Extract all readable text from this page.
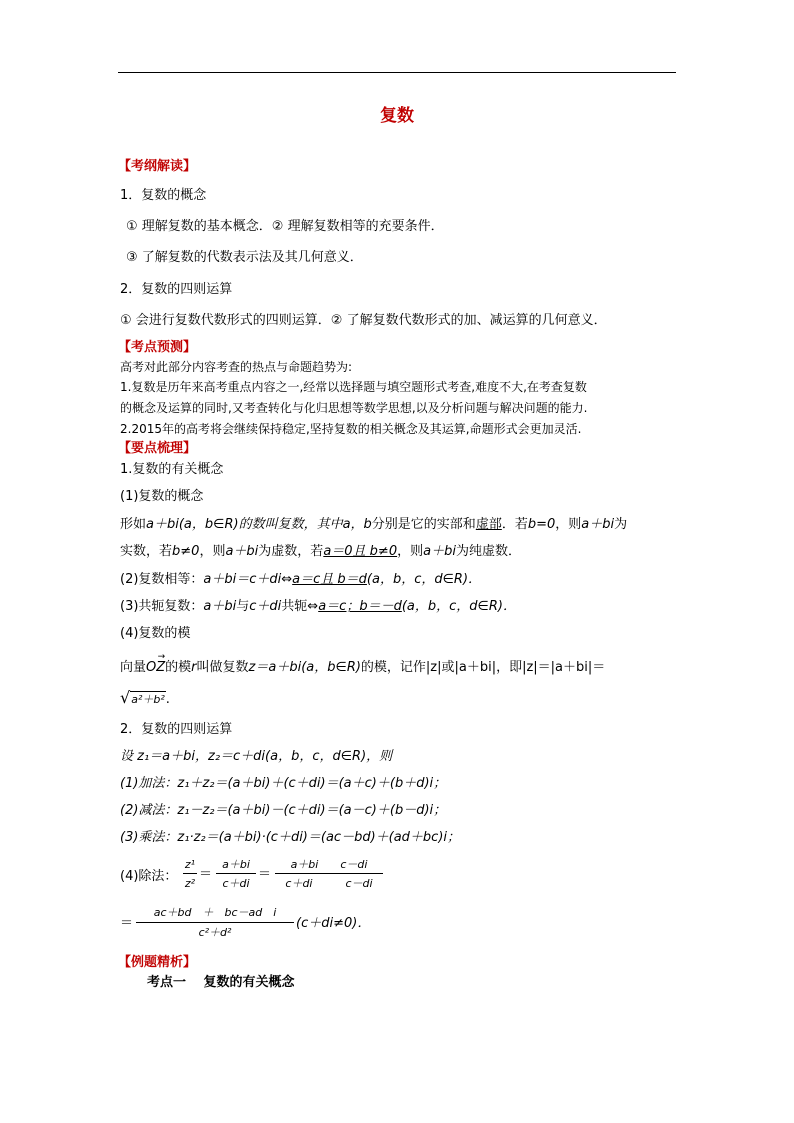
复数
【考纲解读】
1．复数的概念
① 理解复数的基本概念．② 理解复数相等的充要条件．
③ 了解复数的代数表示法及其几何意义．
2．复数的四则运算
① 会进行复数代数形式的四则运算．② 了解复数代数形式的加、减运算的几何意义．
【考点预测】
高考对此部分内容考查的热点与命题趋势为:
1.复数是历年来高考重点内容之一,经常以选择题与填空题形式考查,难度不大,在考查复数
的概念及运算的同时,又考查转化与化归思想等数学思想,以及分析问题与解决问题的能力.
2.2015年的高考将会继续保持稳定,坚持复数的相关概念及其运算,命题形式会更加灵活.
【要点梳理】
1.复数的有关概念
(1)复数的概念
形如a＋bi(a，b∈R)的数叫复数，其中a，b分别是它的实部和虚部．若b=0，则a＋bi为
实数，若b≠0，则a＋bi为虚数，若a＝0且 b≠0，则a＋bi为纯虚数．
(2)复数相等：a＋bi＝c＋di⇔a＝c且 b＝d(a，b，c，d∈R)．
(3)共轭复数：a＋bi与c＋di共轭⇔a＝c；b＝－d(a，b，c，d∈R)．
(4)复数的模
向量
→
OZ的模r叫做复数z＝a＋bi(a，b∈R)的模，记作|z|或|a＋bi|，即|z|＝|a＋bi|＝
√a²＋b².
2．复数的四则运算
设 z₁＝a＋bi，z₂＝c＋di(a，b，c，d∈R)，则
(1)加法：z₁＋z₂＝(a＋bi)＋(c＋di)＝(a＋c)＋(b＋d)i；
(2)减法：z₁－z₂＝(a＋bi)－(c＋di)＝(a－c)＋(b－d)i；
(3)乘法：z₁·z₂＝(a＋bi)·(c＋di)＝(ac－bd)＋(ad＋bc)i；
(4)除法：
z¹
z²
＝
a＋bi
c＋di
＝
a＋bi　　c－di
c＋di　　　c－di
＝
ac＋bd　＋　bc－ad　i
c²＋d²
(c＋di≠0)．
【例题精析】
考点一　 复数的有关概念
